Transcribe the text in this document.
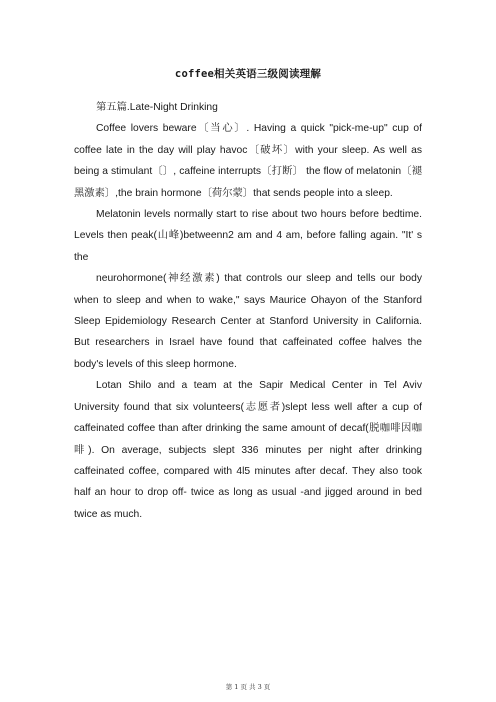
coffee相关英语三级阅读理解

第五篇.Late-Night Drinking

Coffee lovers beware〔当心〕. Having a quick "pick-me-up" cup of coffee late in the day will play havoc〔破坏〕with your sleep. As well as being a stimulant〔〕, caffeine interrupts〔打断〕 the flow of melatonin〔褪黑激素〕,the brain hormone〔荷尔蒙〕that sends people into a sleep.

Melatonin levels normally start to rise about two hours before bedtime. Levels then peak(山峰)betweenn2 am and 4 am, before falling again. "It' s the

neurohormone(神经激素) that controls our sleep and tells our body when to sleep and when to wake," says Maurice Ohayon of the Stanford Sleep Epidemiology Research Center at Stanford University in California. But researchers in Israel have found that caffeinated coffee halves the body's levels of this sleep hormone.

Lotan Shilo and a team at the Sapir Medical Center in Tel Aviv University found that six volunteers(志愿者)slept less well after a cup of caffeinated coffee than after drinking the same amount of decaf(脱咖啡因咖啡). On average, subjects slept 336 minutes per night after drinking caffeinated coffee, compared with 4l5 minutes after decaf. They also took half an hour to drop off- twice as long as usual -and jigged around in bed twice as much.

第 1 页 共 3 页
